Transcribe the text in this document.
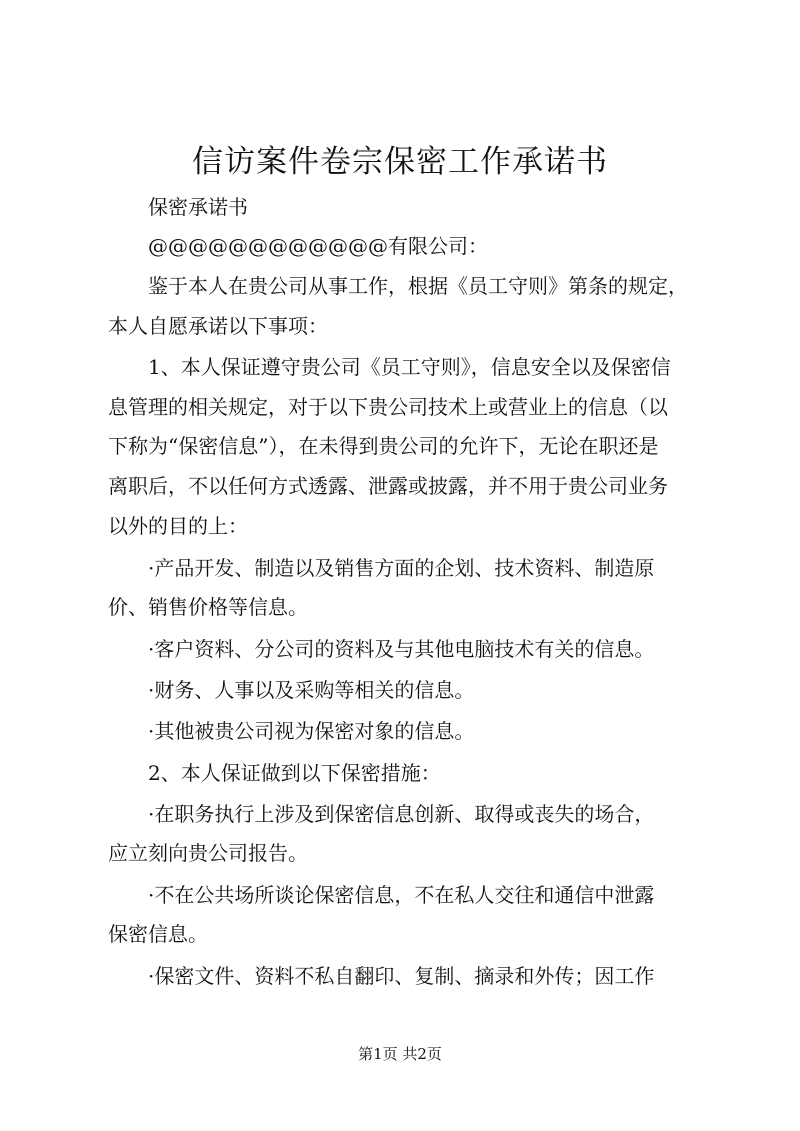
信访案件卷宗保密工作承诺书

保密承诺书

@@@@@@@@@@@@有限公司：

鉴于本人在贵公司从事工作，根据《员工守则》第条的规定，

本人自愿承诺以下事项：

1、本人保证遵守贵公司《员工守则》，信息安全以及保密信

息管理的相关规定，对于以下贵公司技术上或营业上的信息（以

下称为“保密信息”），在未得到贵公司的允许下，无论在职还是

离职后，不以任何方式透露、泄露或披露，并不用于贵公司业务

以外的目的上：

·产品开发、制造以及销售方面的企划、技术资料、制造原

价、销售价格等信息。

·客户资料、分公司的资料及与其他电脑技术有关的信息。

·财务、人事以及采购等相关的信息。

·其他被贵公司视为保密对象的信息。

2、本人保证做到以下保密措施：

·在职务执行上涉及到保密信息创新、取得或丧失的场合，

应立刻向贵公司报告。

·不在公共场所谈论保密信息，不在私人交往和通信中泄露

保密信息。

·保密文件、资料不私自翻印、复制、摘录和外传；因工作

第1页 共2页
